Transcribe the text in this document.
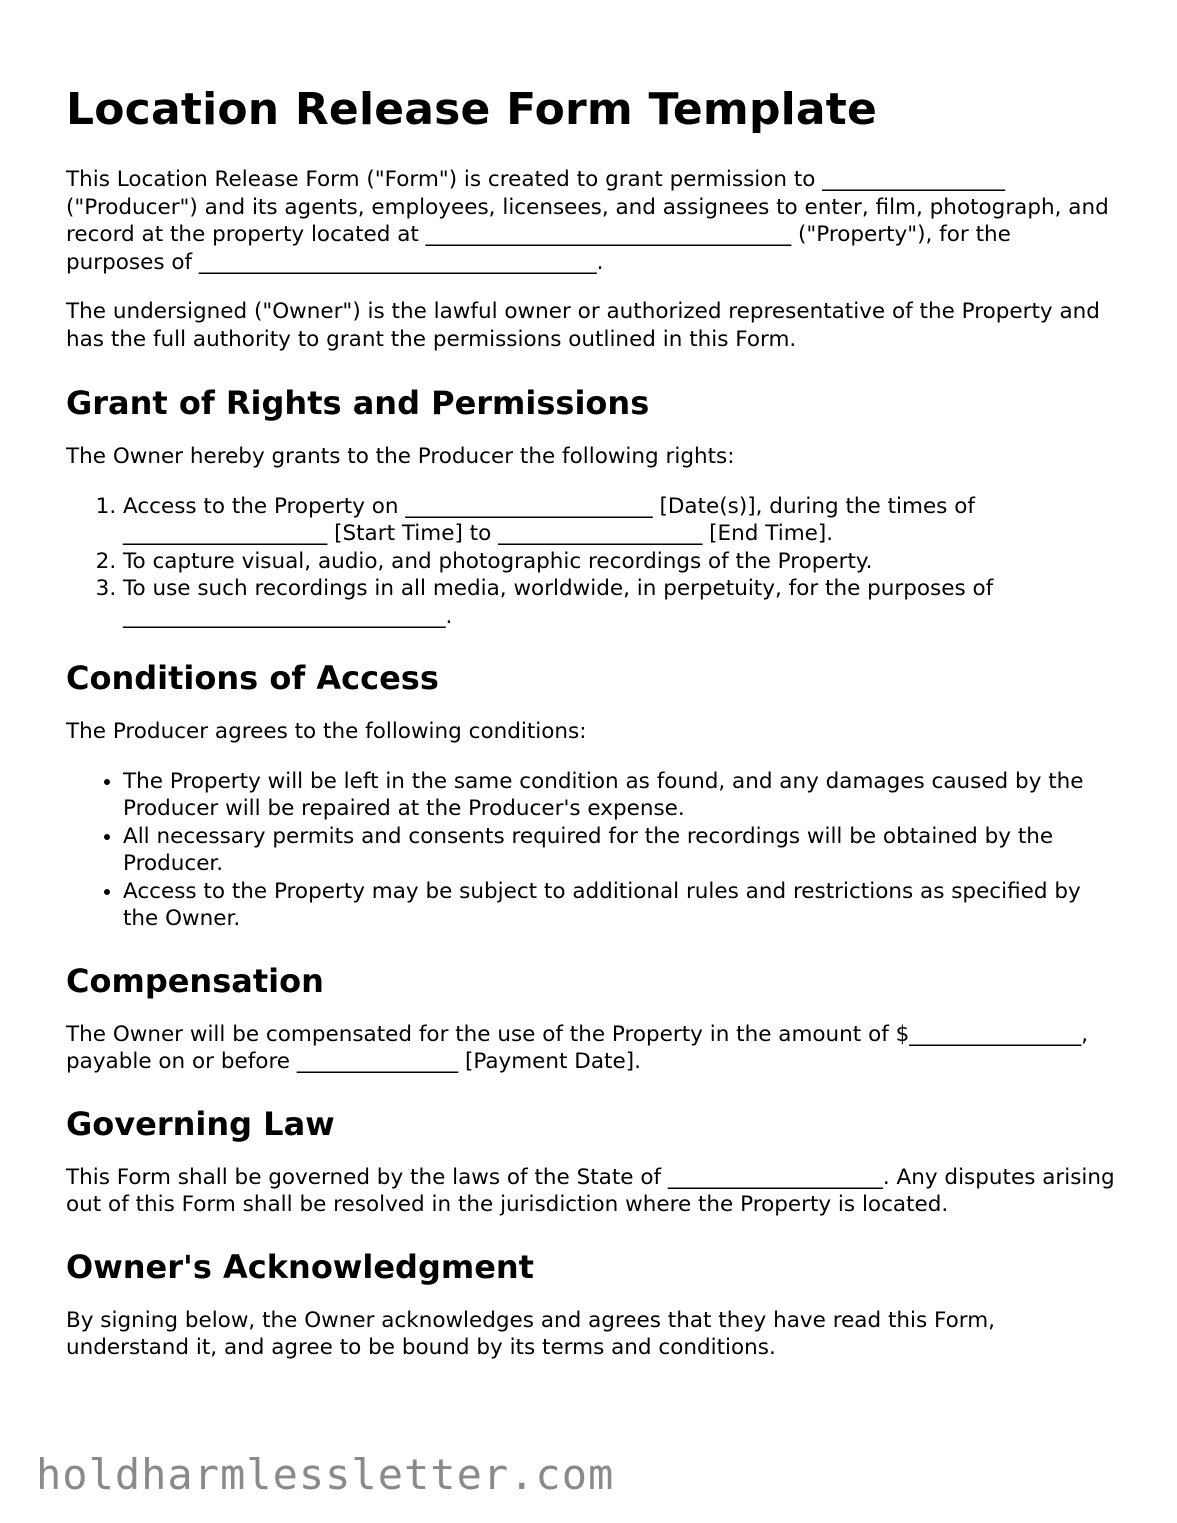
Location Release Form Template

This Location Release Form ("Form") is created to grant permission to _________________ ("Producer") and its agents, employees, licensees, and assignees to enter, film, photograph, and record at the property located at __________________________________ ("Property"), for the purposes of _____________________________________.

The undersigned ("Owner") is the lawful owner or authorized representative of the Property and has the full authority to grant the permissions outlined in this Form.

Grant of Rights and Permissions

The Owner hereby grants to the Producer the following rights:

1. Access to the Property on _______________________ [Date(s)], during the times of ___________________ [Start Time] to ___________________ [End Time].
2. To capture visual, audio, and photographic recordings of the Property.
3. To use such recordings in all media, worldwide, in perpetuity, for the purposes of ______________________________.
Conditions of Access

The Producer agrees to the following conditions:

• The Property will be left in the same condition as found, and any damages caused by the Producer will be repaired at the Producer's expense.
• All necessary permits and consents required for the recordings will be obtained by the Producer.
• Access to the Property may be subject to additional rules and restrictions as specified by the Owner.
Compensation

The Owner will be compensated for the use of the Property in the amount of $________________, payable on or before _______________ [Payment Date].

Governing Law

This Form shall be governed by the laws of the State of ____________________. Any disputes arising out of this Form shall be resolved in the jurisdiction where the Property is located.

Owner's Acknowledgment

By signing below, the Owner acknowledges and agrees that they have read this Form, understand it, and agree to be bound by its terms and conditions.

holdharmlessletter.com
